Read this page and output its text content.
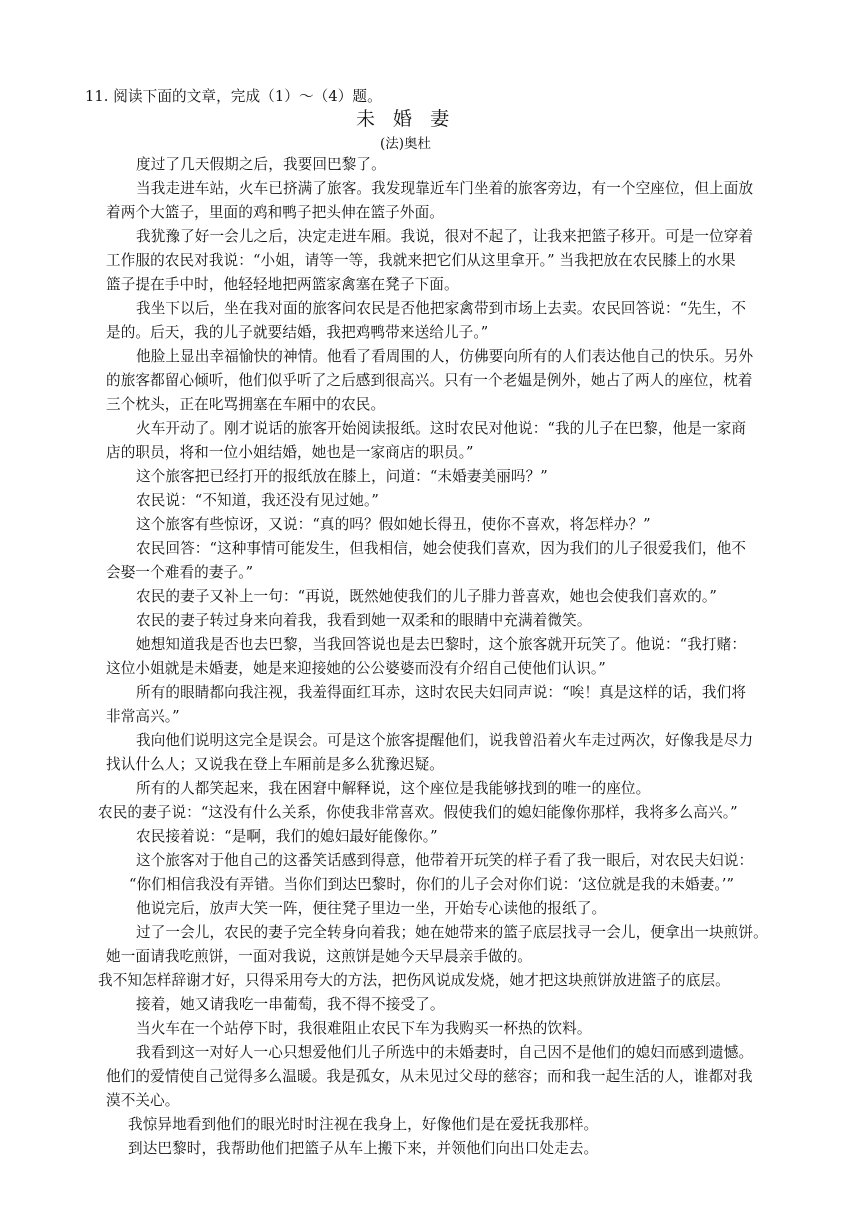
11. 阅读下面的文章，完成（1）～（4）题。
未 婚 妻
(法)奥杜
度过了几天假期之后，我要回巴黎了。
当我走进车站，火车已挤满了旅客。我发现靠近车门坐着的旅客旁边，有一个空座位，但上面放
着两个大篮子，里面的鸡和鸭子把头伸在篮子外面。
我犹豫了好一会儿之后，决定走进车厢。我说，很对不起了，让我来把篮子移开。可是一位穿着
工作服的农民对我说：“小姐，请等一等，我就来把它们从这里拿开。” 当我把放在农民膝上的水果
篮子提在手中时，他轻轻地把两篮家禽塞在凳子下面。
我坐下以后，坐在我对面的旅客问农民是否他把家禽带到市场上去卖。农民回答说：“先生，不
是的。后天，我的儿子就要结婚，我把鸡鸭带来送给儿子。”
他脸上显出幸福愉快的神情。他看了看周围的人，仿佛要向所有的人们表达他自己的快乐。另外
的旅客都留心倾听，他们似乎听了之后感到很高兴。只有一个老媪是例外，她占了两人的座位，枕着
三个枕头，正在叱骂拥塞在车厢中的农民。
火车开动了。刚才说话的旅客开始阅读报纸。这时农民对他说：“我的儿子在巴黎，他是一家商
店的职员，将和一位小姐结婚，她也是一家商店的职员。”
这个旅客把已经打开的报纸放在膝上，问道：“未婚妻美丽吗？”
农民说：“不知道，我还没有见过她。”
这个旅客有些惊讶，又说：“真的吗？假如她长得丑，使你不喜欢，将怎样办？”
农民回答：“这种事情可能发生，但我相信，她会使我们喜欢，因为我们的儿子很爱我们，他不
会娶一个难看的妻子。”
农民的妻子又补上一句：“再说，既然她使我们的儿子腓力普喜欢，她也会使我们喜欢的。”
农民的妻子转过身来向着我，我看到她一双柔和的眼睛中充满着微笑。
她想知道我是否也去巴黎，当我回答说也是去巴黎时，这个旅客就开玩笑了。他说：“我打赌：
这位小姐就是未婚妻，她是来迎接她的公公婆婆而没有介绍自己使他们认识。”
所有的眼睛都向我注视，我羞得面红耳赤，这时农民夫妇同声说：“唉！真是这样的话，我们将
非常高兴。”
我向他们说明这完全是误会。可是这个旅客提醒他们，说我曾沿着火车走过两次，好像我是尽力
找认什么人；又说我在登上车厢前是多么犹豫迟疑。
所有的人都笑起来，我在困窘中解释说，这个座位是我能够找到的唯一的座位。
农民的妻子说：“这没有什么关系，你使我非常喜欢。假使我们的媳妇能像你那样，我将多么高兴。”
农民接着说：“是啊，我们的媳妇最好能像你。”
这个旅客对于他自己的这番笑话感到得意，他带着开玩笑的样子看了我一眼后，对农民夫妇说：
“你们相信我没有弄错。当你们到达巴黎时，你们的儿子会对你们说：‘这位就是我的未婚妻。’”
他说完后，放声大笑一阵，便往凳子里边一坐，开始专心读他的报纸了。
过了一会儿，农民的妻子完全转身向着我；她在她带来的篮子底层找寻一会儿，便拿出一块煎饼。
她一面请我吃煎饼，一面对我说，这煎饼是她今天早晨亲手做的。
我不知怎样辞谢才好，只得采用夸大的方法，把伤风说成发烧，她才把这块煎饼放进篮子的底层。
接着，她又请我吃一串葡萄，我不得不接受了。
当火车在一个站停下时，我很难阻止农民下车为我购买一杯热的饮料。
我看到这一对好人一心只想爱他们儿子所选中的未婚妻时，自己因不是他们的媳妇而感到遗憾。
他们的爱情使自己觉得多么温暖。我是孤女，从未见过父母的慈容；而和我一起生活的人，谁都对我
漠不关心。
我惊异地看到他们的眼光时时注视在我身上，好像他们是在爱抚我那样。
到达巴黎时，我帮助他们把篮子从车上搬下来，并领他们向出口处走去。
